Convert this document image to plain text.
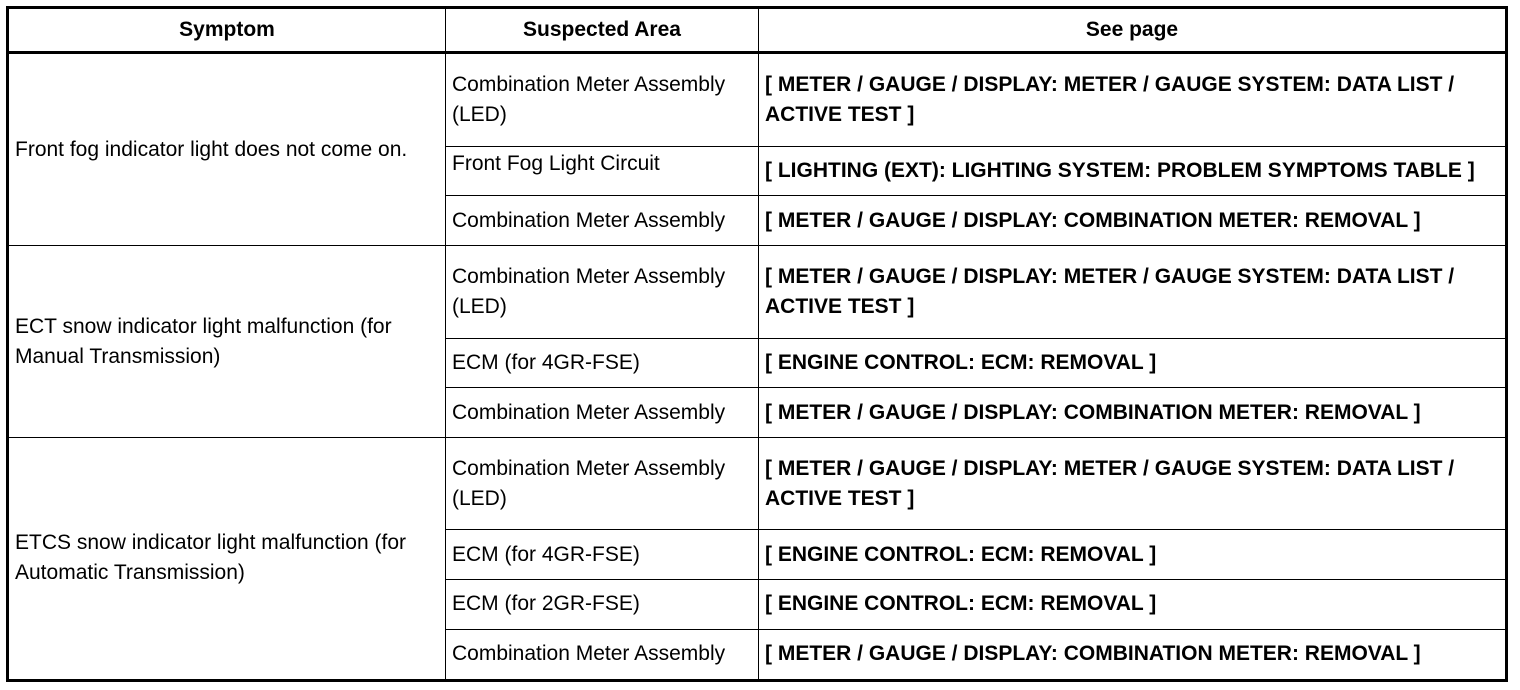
Symptom	Suspected Area	See page
Front fog indicator light does not come on.	Combination Meter Assembly (LED)	[ METER / GAUGE / DISPLAY: METER / GAUGE SYSTEM: DATA LIST / ACTIVE TEST ]
	Front Fog Light Circuit	[ LIGHTING (EXT): LIGHTING SYSTEM: PROBLEM SYMPTOMS TABLE ]
	Combination Meter Assembly	[ METER / GAUGE / DISPLAY: COMBINATION METER: REMOVAL ]
ECT snow indicator light malfunction (for Manual Transmission)	Combination Meter Assembly (LED)	[ METER / GAUGE / DISPLAY: METER / GAUGE SYSTEM: DATA LIST / ACTIVE TEST ]
	ECM (for 4GR-FSE)	[ ENGINE CONTROL: ECM: REMOVAL ]
	Combination Meter Assembly	[ METER / GAUGE / DISPLAY: COMBINATION METER: REMOVAL ]
ETCS snow indicator light malfunction (for Automatic Transmission)	Combination Meter Assembly (LED)	[ METER / GAUGE / DISPLAY: METER / GAUGE SYSTEM: DATA LIST / ACTIVE TEST ]
	ECM (for 4GR-FSE)	[ ENGINE CONTROL: ECM: REMOVAL ]
	ECM (for 2GR-FSE)	[ ENGINE CONTROL: ECM: REMOVAL ]
	Combination Meter Assembly	[ METER / GAUGE / DISPLAY: COMBINATION METER: REMOVAL ]
